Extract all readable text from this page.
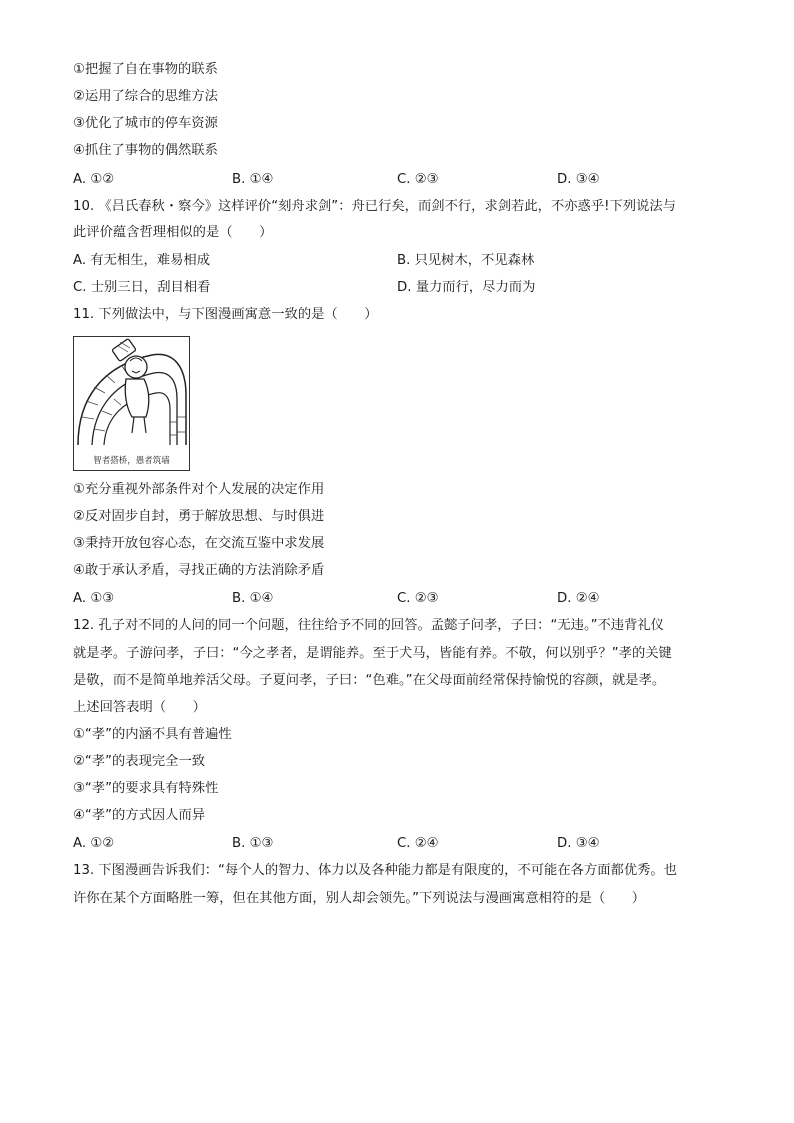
①把握了自在事物的联系
②运用了综合的思维方法
③优化了城市的停车资源
④抓住了事物的偶然联系
A. ①②	B. ①④	C. ②③	D. ③④
10. 《吕氏春秋・察今》这样评价“刻舟求剑”：舟已行矣，而剑不行，求剑若此，不亦惑乎!下列说法与
此评价蕴含哲理相似的是（　　）
A. 有无相生，难易相成	B. 只见树木，不见森林
C. 士别三日，刮目相看	D. 量力而行，尽力而为
11. 下列做法中，与下图漫画寓意一致的是（　　）
智者搭桥，愚者筑墙
①充分重视外部条件对个人发展的决定作用
②反对固步自封，勇于解放思想、与时俱进
③秉持开放包容心态，在交流互鉴中求发展
④敢于承认矛盾，寻找正确的方法消除矛盾
A. ①③	B. ①④	C. ②③	D. ②④
12. 孔子对不同的人问的同一个问题，往往给予不同的回答。孟懿子问孝，子曰：“无违。”不违背礼仪
就是孝。子游问孝，子曰：“今之孝者，是谓能养。至于犬马，皆能有养。不敬，何以别乎？”孝的关键
是敬，而不是简单地养活父母。子夏问孝，子曰：“色难。”在父母面前经常保持愉悦的容颜，就是孝。
上述回答表明（　　）
①“孝”的内涵不具有普遍性
②“孝”的表现完全一致
③“孝”的要求具有特殊性
④“孝”的方式因人而异
A. ①②	B. ①③	C. ②④	D. ③④
13. 下图漫画告诉我们：“每个人的智力、体力以及各种能力都是有限度的，不可能在各方面都优秀。也
许你在某个方面略胜一筹，但在其他方面，别人却会领先。”下列说法与漫画寓意相符的是（　　）
